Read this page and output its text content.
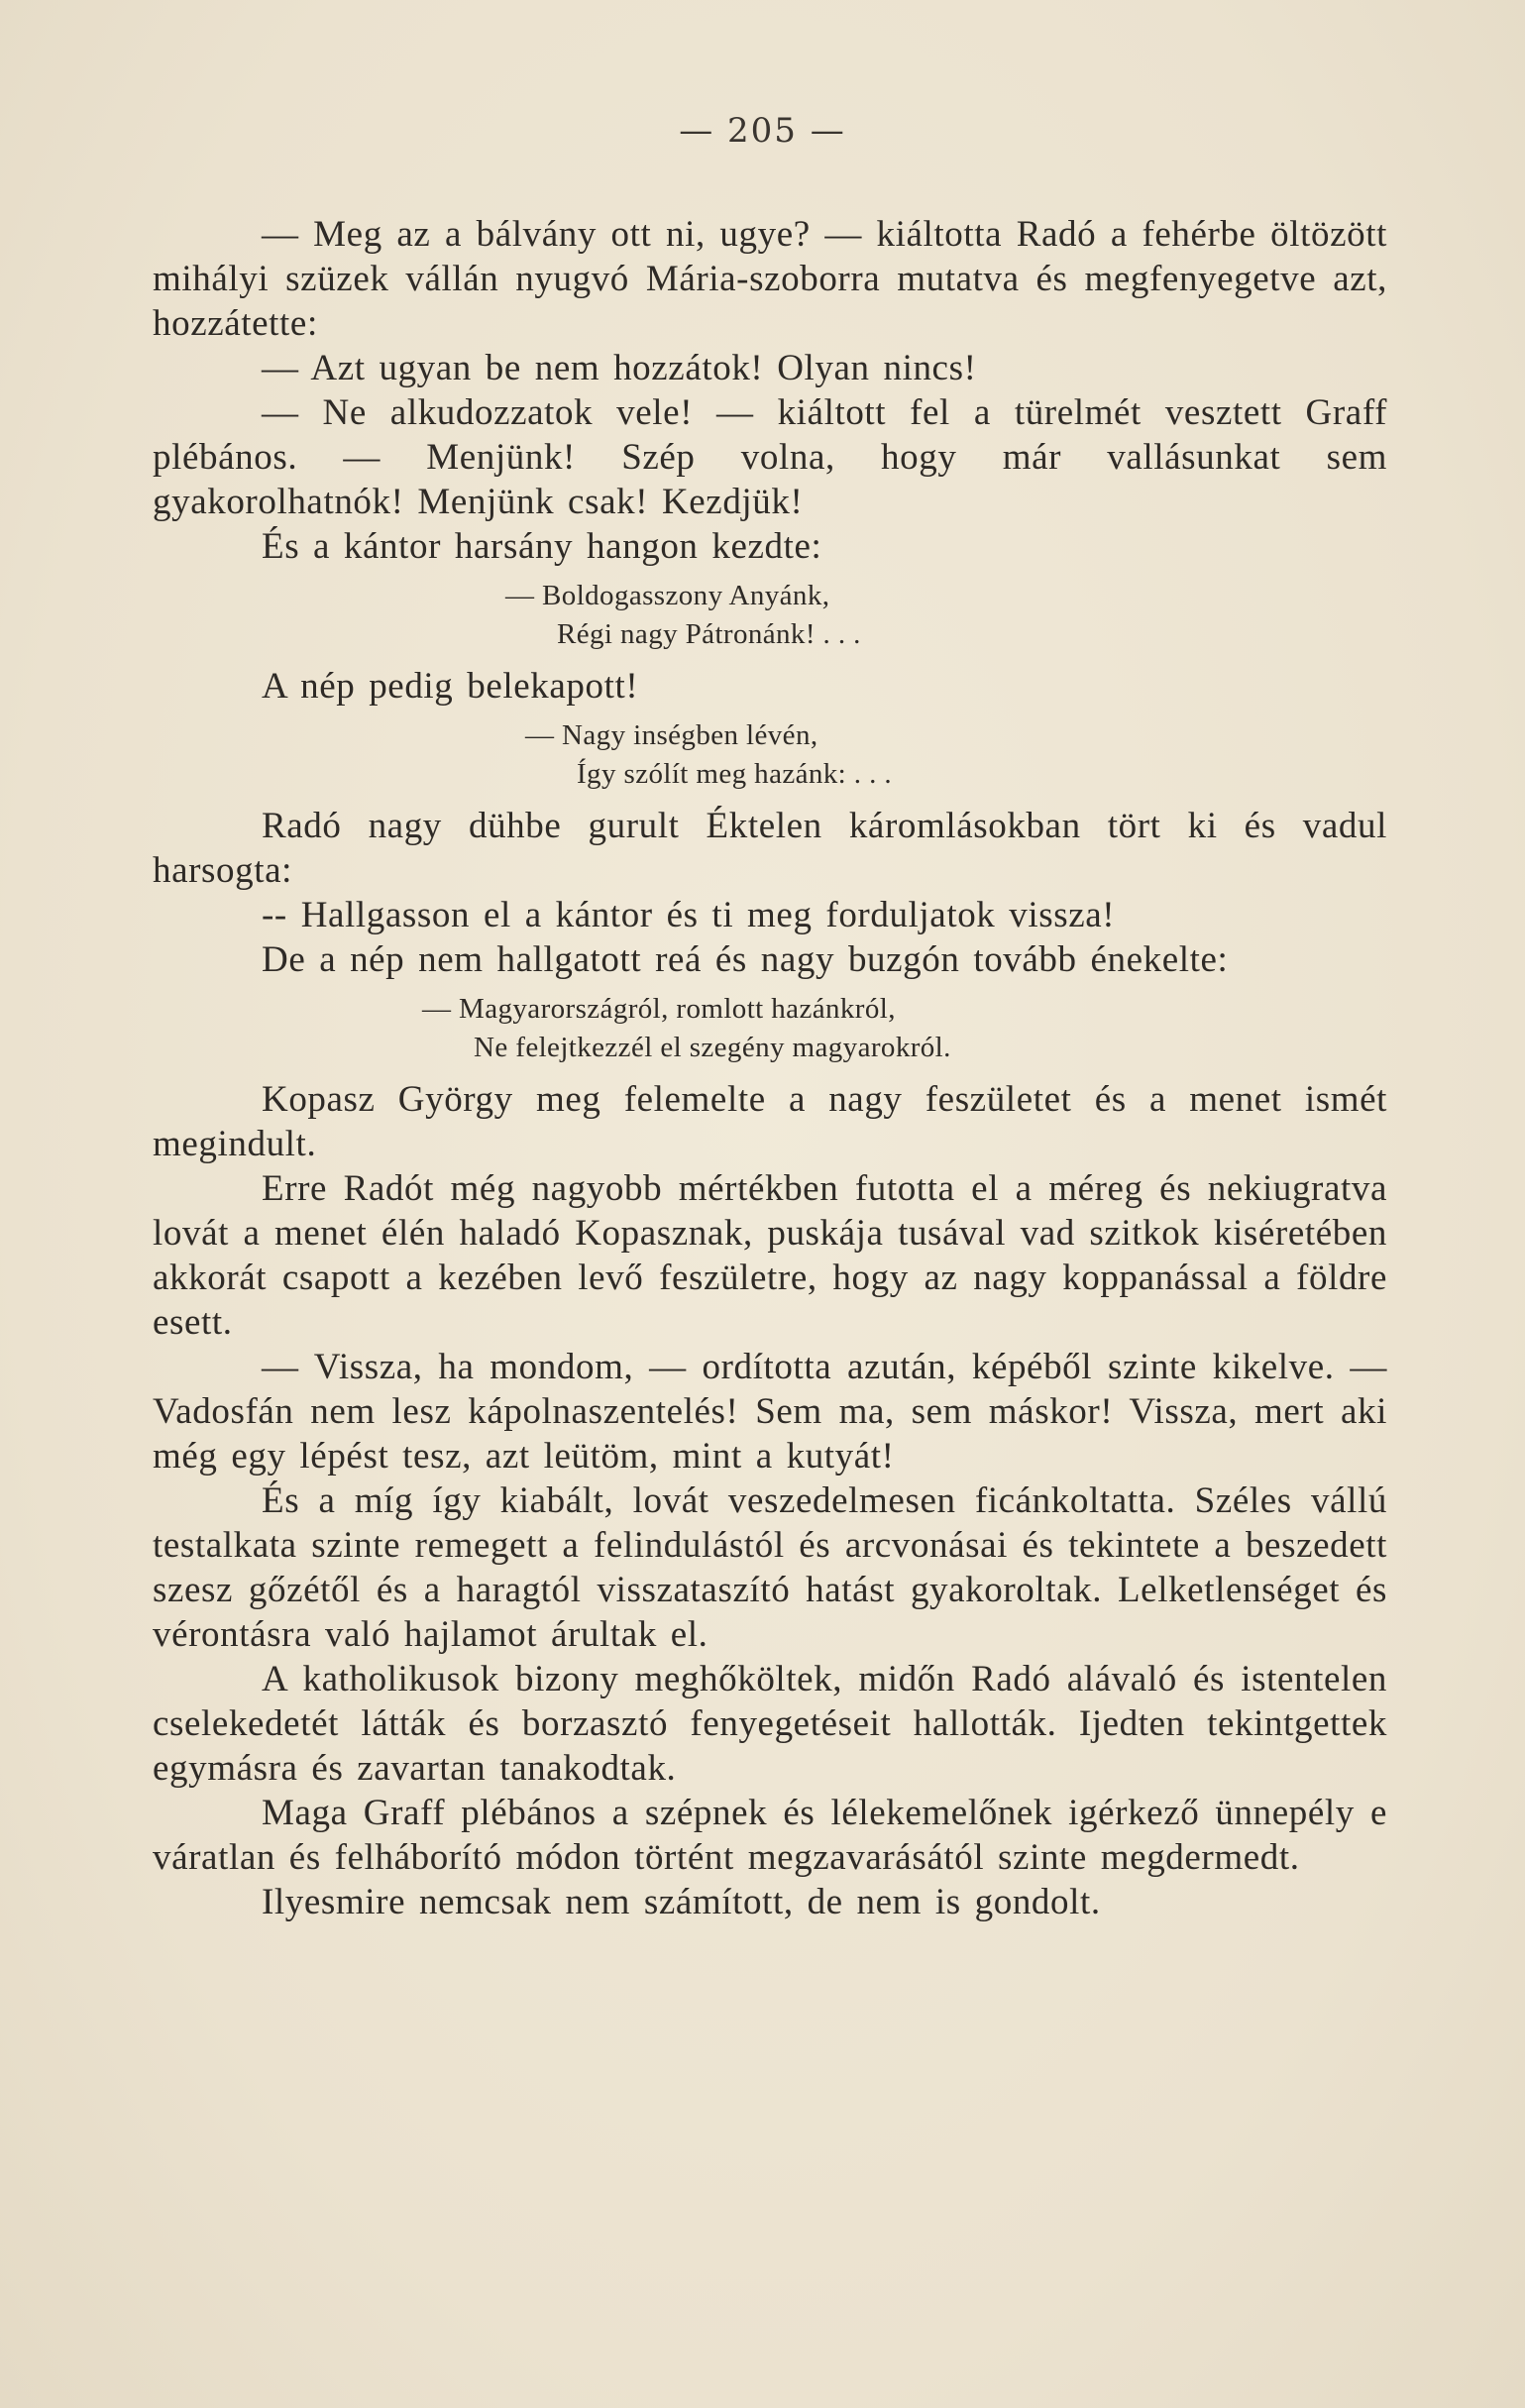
— 205 —

— Meg az a bálvány ott ni, ugye? — kiáltotta Radó a fehérbe öltözött mihályi szüzek vállán nyugvó Mária-szoborra mutatva és megfenyegetve azt, hozzátette:

— Azt ugyan be nem hozzátok! Olyan nincs!

— Ne alkudozzatok vele! — kiáltott fel a türelmét vesztett Graff plébános. — Menjünk! Szép volna, hogy már vallásunkat sem gyakorolhatnók! Menjünk csak! Kezdjük!

És a kántor harsány hangon kezdte:

— Boldogasszony Anyánk,
Régi nagy Pátronánk! . . .

A nép pedig belekapott!

— Nagy inségben lévén,
Így szólít meg hazánk: . . .

Radó nagy dühbe gurult Éktelen káromlásokban tört ki és vadul harsogta:

-- Hallgasson el a kántor és ti meg forduljatok vissza!

De a nép nem hallgatott reá és nagy buzgón tovább énekelte:

— Magyarországról, romlott hazánkról,
Ne felejtkezzél el szegény magyarokról.

Kopasz György meg felemelte a nagy feszületet és a menet ismét megindult.

Erre Radót még nagyobb mértékben futotta el a méreg és nekiugratva lovát a menet élén haladó Kopasznak, puskája tusával vad szitkok kiséretében akkorát csapott a kezében levő feszületre, hogy az nagy koppanással a földre esett.

— Vissza, ha mondom, — ordította azután, képéből szinte kikelve. — Vadosfán nem lesz kápolnaszentelés! Sem ma, sem máskor! Vissza, mert aki még egy lépést tesz, azt leütöm, mint a kutyát!

És a míg így kiabált, lovát veszedelmesen ficánkoltatta. Széles vállú testalkata szinte remegett a felindulástól és arcvonásai és tekintete a beszedett szesz gőzétől és a haragtól visszataszító hatást gyakoroltak. Lelketlenséget és vérontásra való hajlamot árultak el.

A katholikusok bizony meghőköltek, midőn Radó alávaló és istentelen cselekedetét látták és borzasztó fenyegetéseit hallották. Ijedten tekintgettek egymásra és zavartan tanakodtak.

Maga Graff plébános a szépnek és lélekemelőnek igérkező ünnepély e váratlan és felháborító módon történt megzavarásától szinte megdermedt.

Ilyesmire nemcsak nem számított, de nem is gondolt.
